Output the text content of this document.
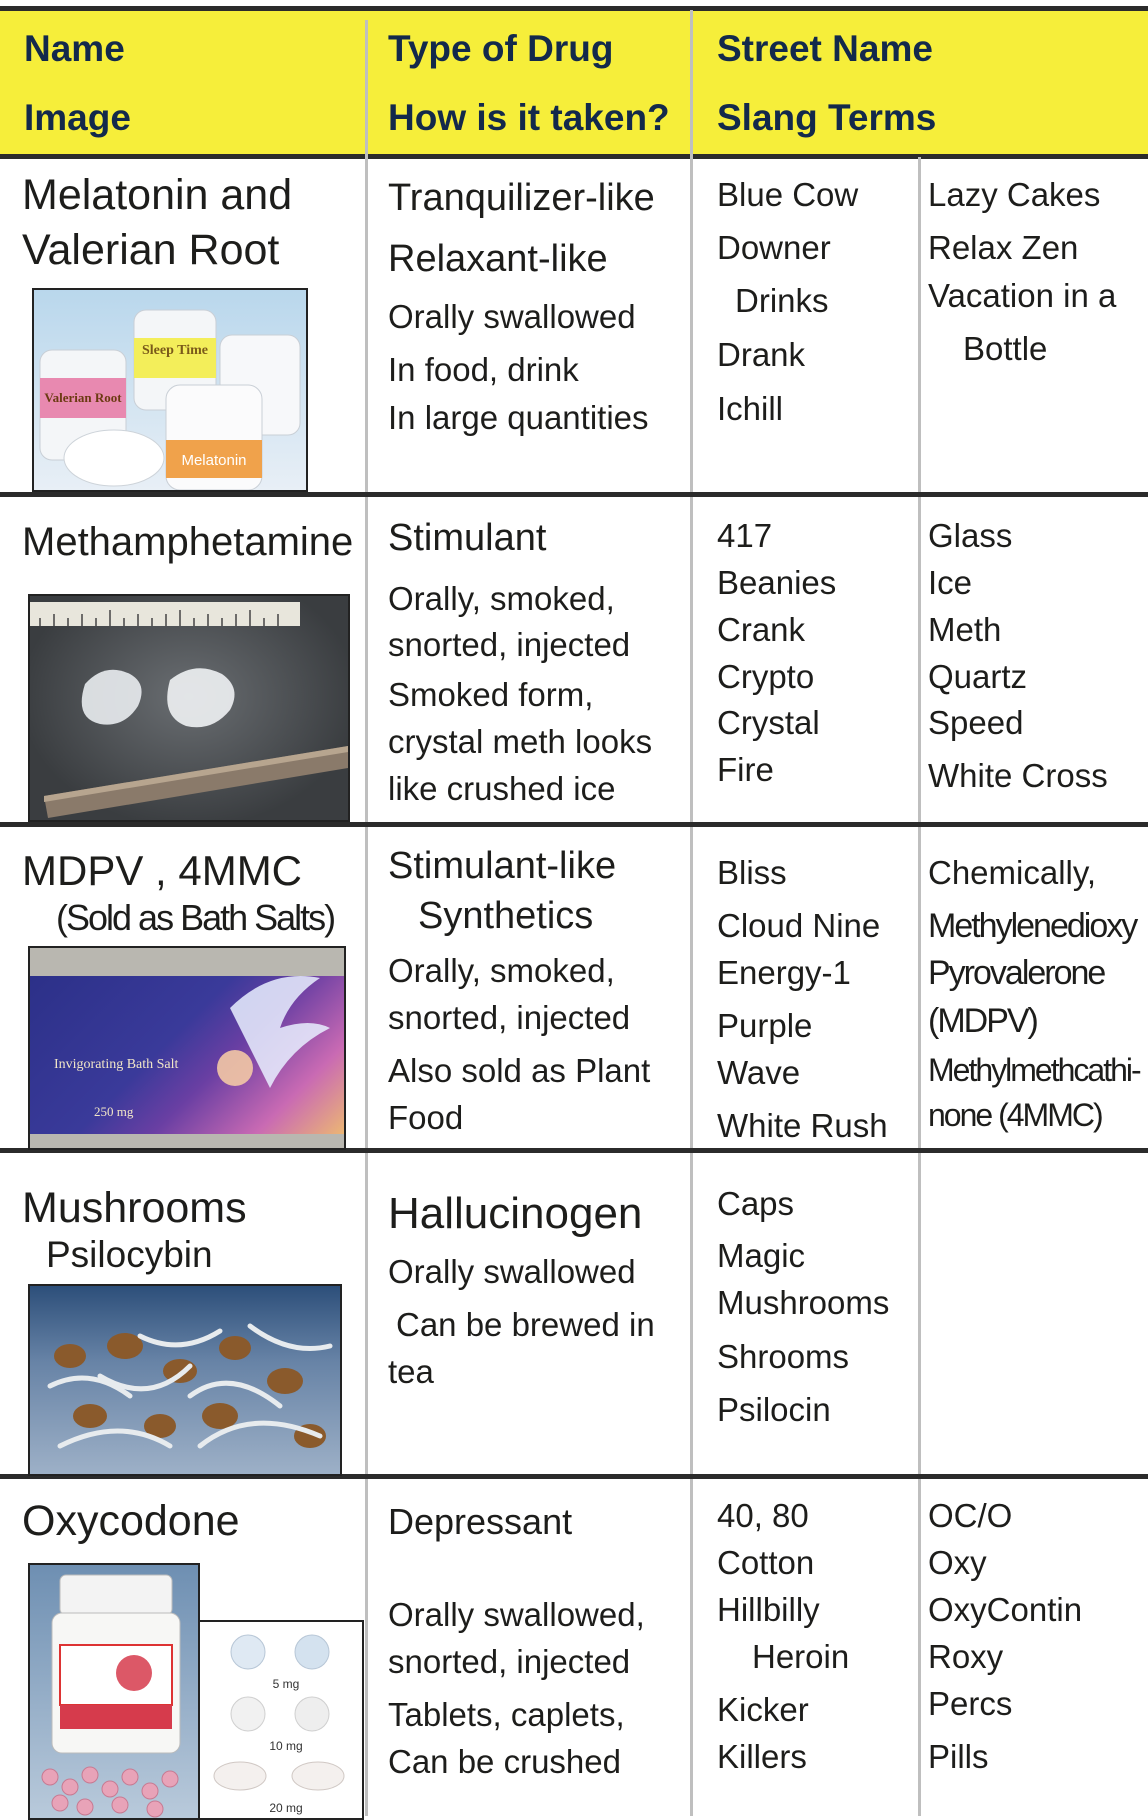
Name
Image
Type of Drug
How is it taken?
Street Name
Slang Terms
Melatonin and
Valerian Root
Sleep Time
Valerian Root
Melatonin
Tranquilizer-like
Relaxant-like
Orally swallowed
In food, drink
In large quantities
Blue Cow
Downer
Drinks
Drank
Ichill
Lazy Cakes
Relax Zen
Vacation in a
Bottle
Methamphetamine Stimulant
Orally, smoked,
snorted, injected
Smoked form,
crystal meth looks
like crushed ice
417
Beanies
Crank
Crypto
Crystal
Fire
Glass
Ice
Meth
Quartz
Speed
White Cross
MDPV , 4MMC
(Sold as Bath Salts)
Invigorating Bath Salt
250 mg
Stimulant-like
Synthetics
Orally, smoked,
snorted, injected
Also sold as Plant
Food
Bliss
Cloud Nine
Energy-1
Purple
Wave
White Rush
Chemically,
Methylenedioxy
Pyrovalerone
(MDPV)
Methylmethcathi-
none (4MMC)
Mushrooms
Psilocybin
Hallucinogen
Orally swallowed
Can be brewed in
tea
Caps
Magic
Mushrooms
Shrooms
Psilocin
Oxycodone
5 mg
10 mg
20 mg
Depressant
Orally swallowed,
snorted, injected
Tablets, caplets,
Can be crushed
40, 80
Cotton
Hillbilly
Heroin
Kicker
Killers
OC/O
Oxy
OxyContin
Roxy
Percs
Pills
